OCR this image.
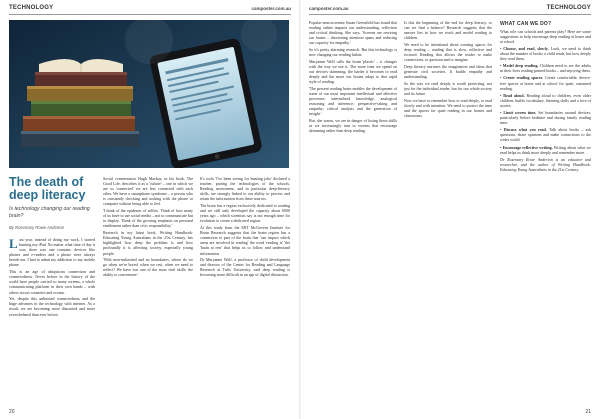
TECHNOLOGY	camposter.com.au
The death of deep literacy
Is technology changing our reading brain?
By Rosemary Rowe Anderton

Last year, instead of doing my work, I started hunting my iPad. No matter what time of day it was, there was one constant: devices like phones and e-readers and a phone were always beside me. I had to admit my addiction to my mobile phone.

This is an age of ubiquitous connection and connectedness. Never before in the history of the world have people carried so many screens, a whole communicating platform in their own hands – with others across countries and oceans.

Yet, despite this unlimited connectedness and the huge advances in the technology with internet. As a result, we are becoming more distracted and more overwhelmed than ever before.

Social commentator Hugh Mackay, in his book, The Good Life, describes it as a 'culture' – one in which we are so 'connected' we are less connected with each other. We have a smartphone syndrome – a person who is constantly checking and rushing with the phone or computer without being able to feel.

'I think of the epidemic of selfies. Think of how many of us have to use social media – not to communicate but to display. Think of the growing emphasis on personal entitlement rather than civic responsibility.'

Research in my latest book, Writing Handbook: Educating Young Australians in the 21st Century, has highlighted how deep the problem is and how profoundly it is affecting society, especially young people.

'With near-unlimited and no boundaries, where do we go when we're bored, when we rest, when we need to reflect? We have lost one of the most vital skills: the ability to concentrate.'

It's tools 'I've been seeing for hunting jobs' declared a teacher, pairing the technologies of the schools. Reading assessment, and in particular deep-literacy skills, are strongly linked to our ability to process and retain the information from these sources.

The brain has a region exclusively dedicated to reading and we still only developed the capacity about 6000 years ago – which scientists say is not enough time for evolution to create a dedicated region.

At this study from the MIT McGovern Institute for Brain Research suggests that the brain region has a connection to part of the brain that 'can impact which areas are involved in reading' the word 'reading is' 'the 'brain at rest' that helps us to follow and understand information.

Dr Maryanne Wolf, a professor of child development and director of the Center for Reading and Language Research at Tufts University, said deep reading is becoming more difficult in an age of digital distraction.

20
camposter.com.au	TECHNOLOGY

Popular neuroscientist Susan Greenfield has found that reading online impacts our understanding, reflection and critical thinking. She says, 'Screens are rewiring our brains – shortening attention spans and reducing our capacity for empathy.'

So it's pretty alarming research. But this technology is now changing our reading habits.

Maryanne Wolf calls the brain 'plastic' – it changes with the way we use it. The more time we spend on our devices skimming, the harder it becomes to read deeply and the more our brains adapt to that rapid style of reading.

'The present reading brain enables the development of some of our most important intellectual and affective processes: internalized knowledge, analogical reasoning and inference; perspective-taking and empathy; critical analysis and the generation of insight.'

But, she warns, we are in danger of losing these skills as we increasingly turn to screens that encourage skimming rather than deep reading.

Is this the beginning of the end for deep literacy, or can we find a balance? Research suggests that the answer lies in how we teach and model reading to children.

We need to be intentional about creating spaces for deep reading – reading that is slow, reflective and focused. Reading that allows the reader to make connections, to question and to imagine.

Deep literacy nurtures the imagination and ideas that generate civil societies. It builds empathy and understanding.

So the way we read deeply is worth protecting, not just for the individual reader, but for our whole society and its future.

Now we have to remember how to read deeply, to read slowly and with intention. We need to protect the time and the spaces for quiet reading in our homes and classrooms.

WHAT CAN WE DO?

What role can schools and parents play? Here are some suggestions to help encourage deep reading at home and at school.

• Choose, and read, slowly. Look, we need to think about the number of books a child reads, but how deeply they read them.
• Model deep reading. Children need to see the adults in their lives reading printed books – and enjoying them.
• Create reading spaces. Create comfortable, device-free spaces at home and at school for quiet, sustained reading.
• Read aloud. Reading aloud to children, even older children, builds vocabulary, listening skills and a love of stories.
• Limit screen time. Set boundaries around devices, particularly before bedtime and during family reading time.
• Discuss what you read. Talk about books – ask questions, share opinions and make connections to the wider world.
• Encourage reflective writing. Writing about what we read helps us think more deeply and remember more.

Dr Rosemary Rowe Anderton is an educator and researcher, and the author of Writing Handbook: Educating Young Australians in the 21st Century.

21
